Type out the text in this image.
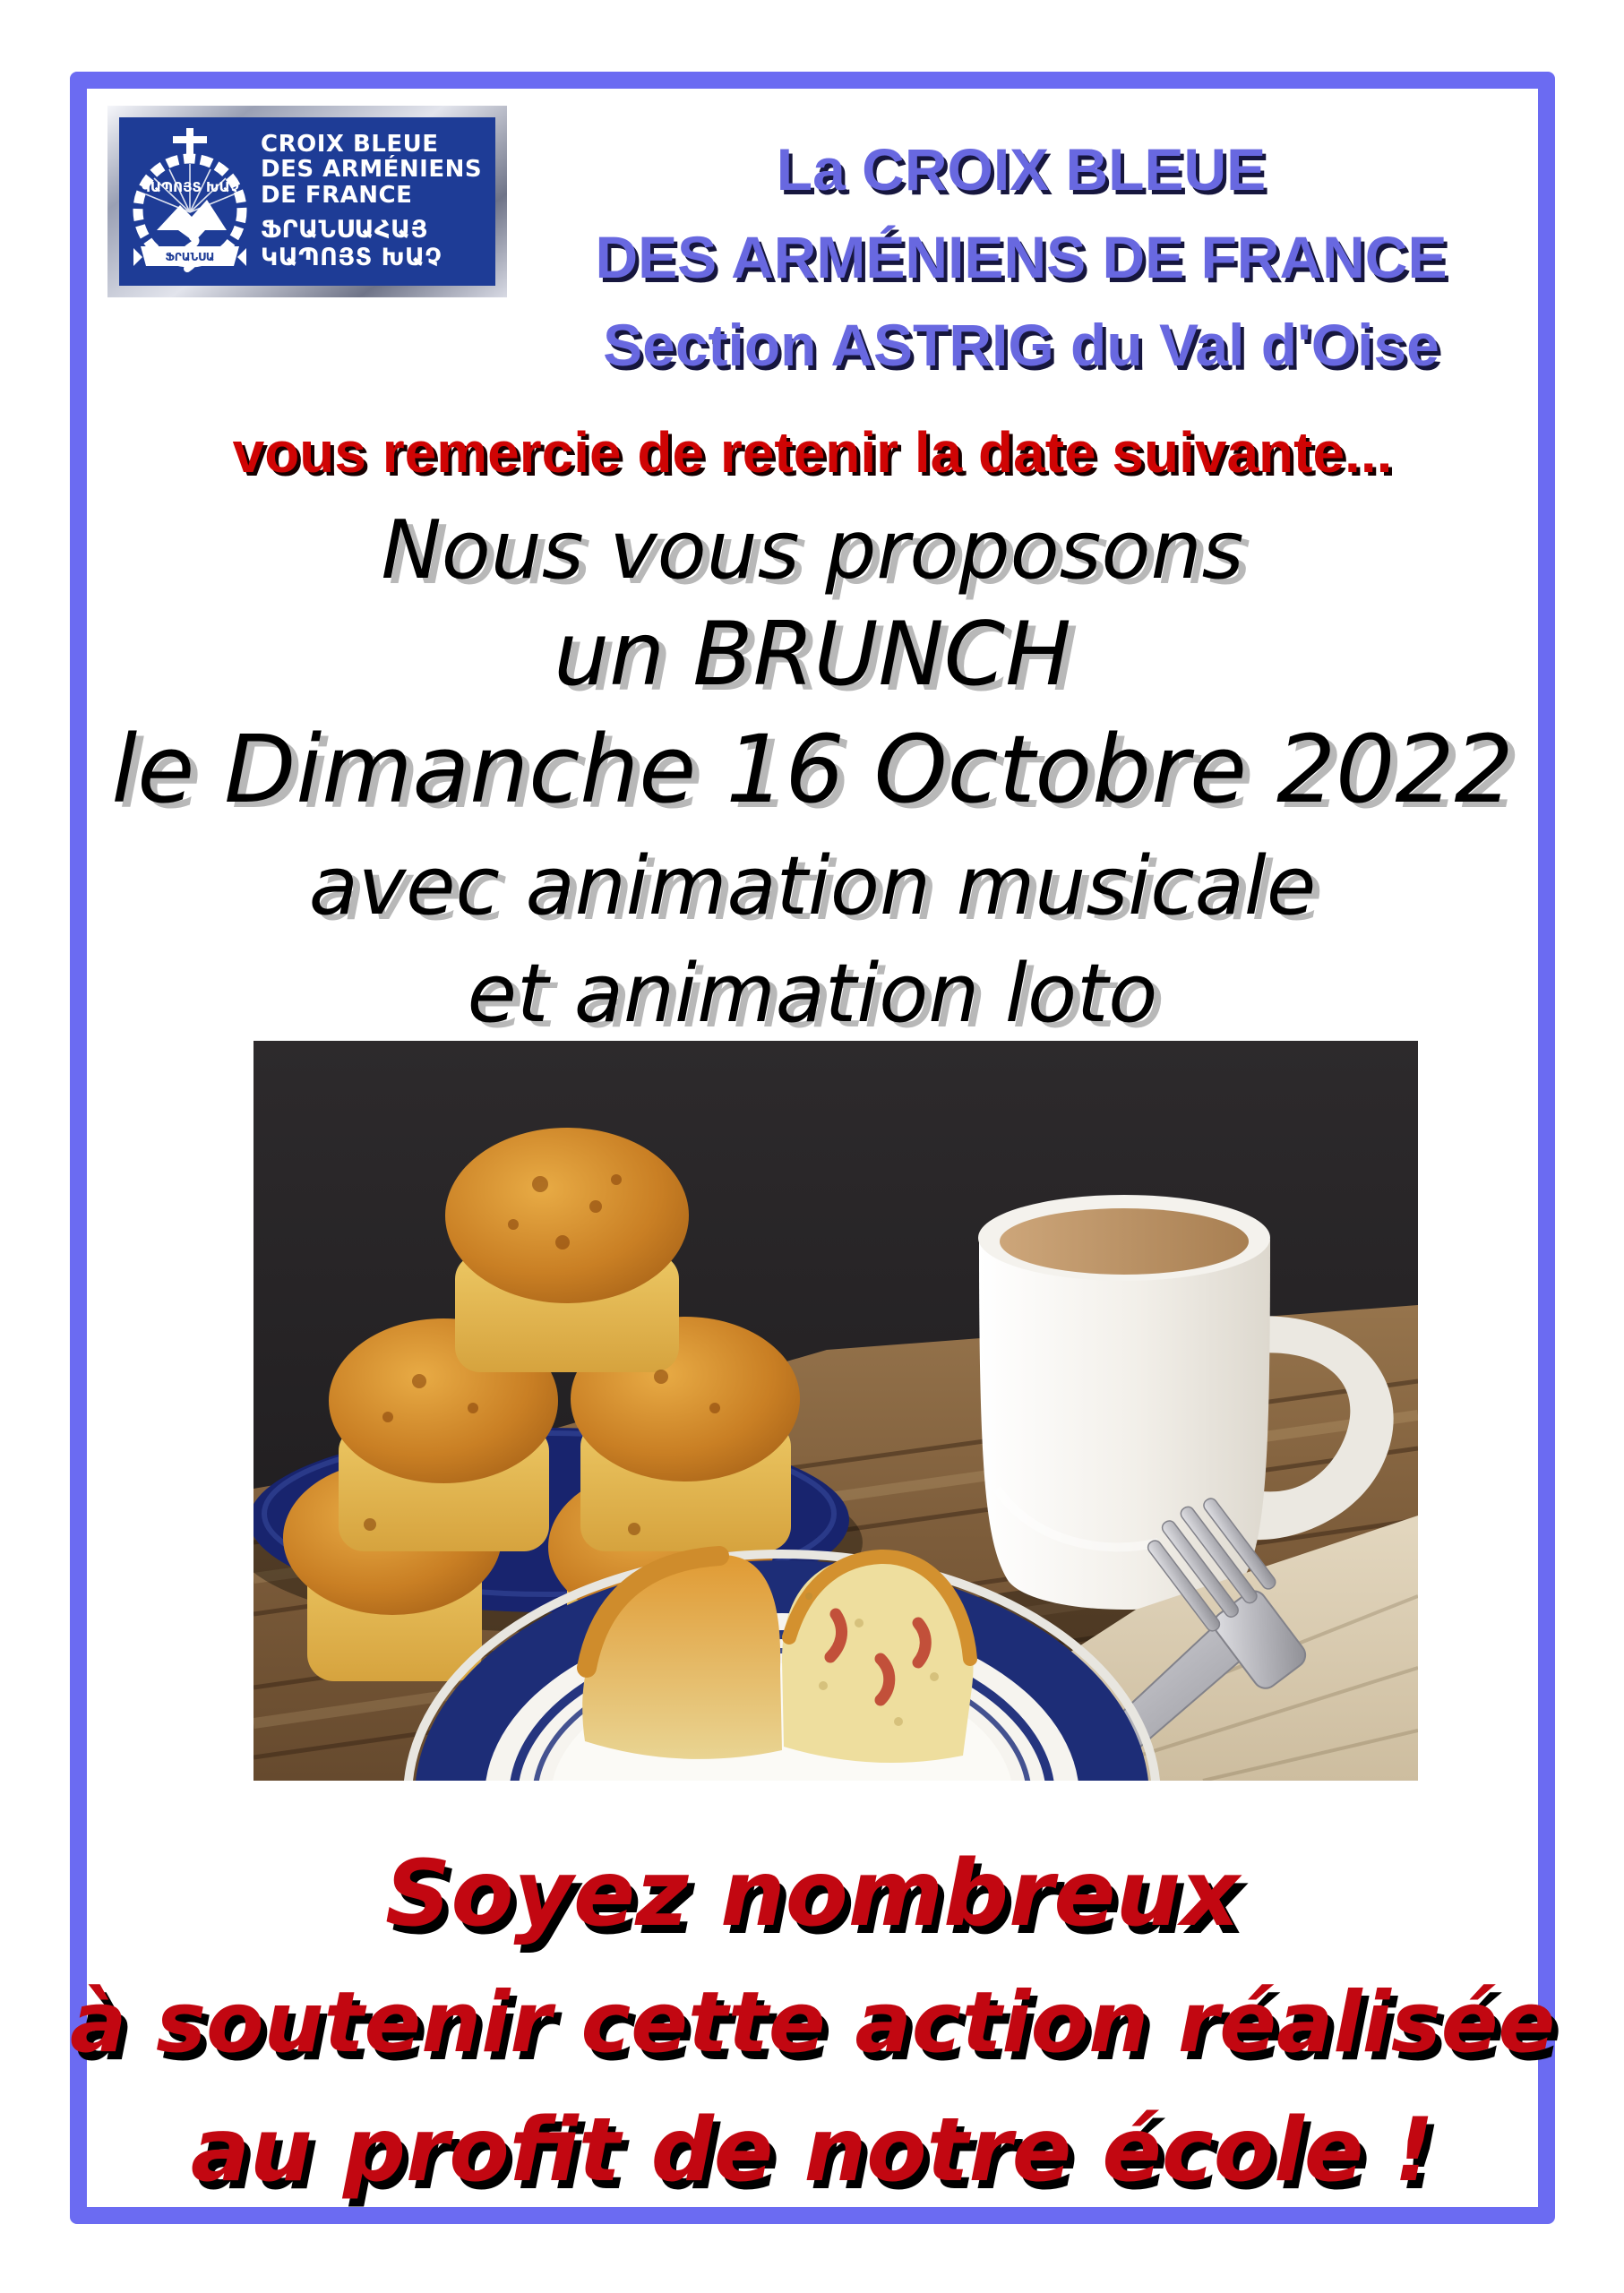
ԿԱՊՈՅՏ ԽԱՉ
ՖՐԱՆՍԱ
CROIX BLEUE
DES ARMÉNIENS
DE FRANCE
ՖՐԱՆՍԱՀԱՅ
ԿԱՊՈՅՏ ԽԱՉ
La CROIX BLEUE
DES ARMÉNIENS DE FRANCE
Section ASTRIG du Val d'Oise
vous remercie de retenir la date suivante...
Nous vous proposons
un BRUNCH
le Dimanche 16 Octobre 2022
avec animation musicale
et animation loto
Soyez nombreux
à soutenir cette action réalisée
au profit de notre école !
